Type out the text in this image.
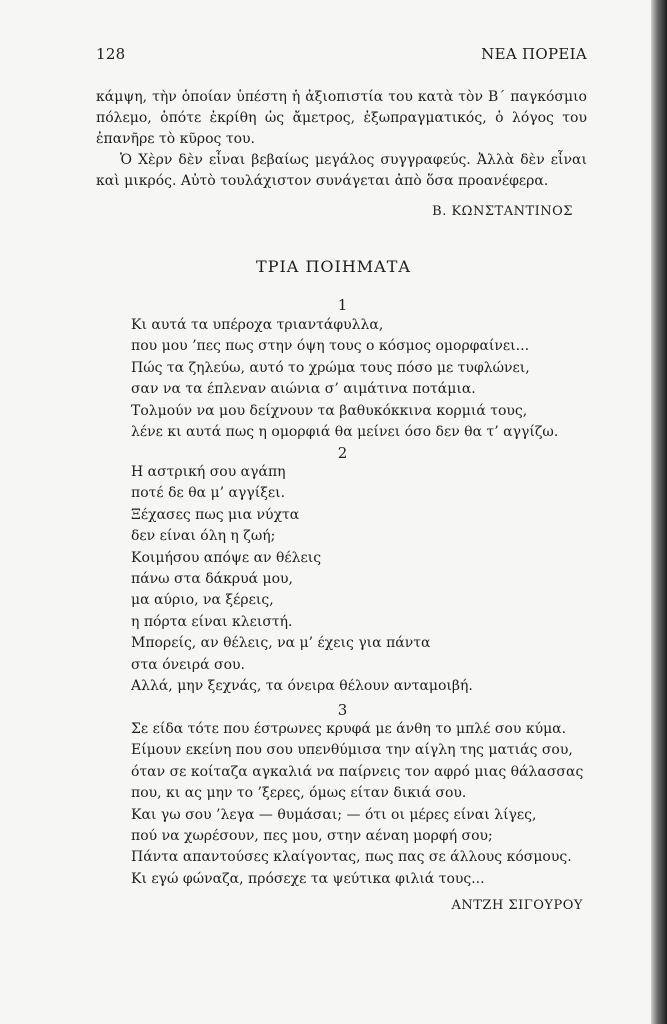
128	ΝΕΑ ΠΟΡΕΙΑ

κάμψη, τὴν ὁποίαν ὑπέστη ἡ ἀξιοπιστία του κατὰ τὸν Β΄ παγκόσμιο πόλεμο, ὁπότε ἐκρίθη ὡς ἄμετρος, ἐξωπραγματικός, ὁ λόγος του ἐπανῆρε τὸ κῦρος του.

Ὁ Χὲρν δὲν εἶναι βεβαίως μεγάλος συγγραφεύς. Ἀλλὰ δὲν εἶναι καὶ μικρός. Αὐτὸ τουλάχιστον συνάγεται ἀπὸ ὅσα προανέφερα.

Β. ΚΩΝΣΤΑΝΤΙΝΟΣ
ΤΡΙΑ ΠΟΙΗΜΑΤΑ
1
Κι αυτά τα υπέροχα τριαντάφυλλα,
που μου ’πες πως στην όψη τους ο κόσμος ομορφαίνει...
Πώς τα ζηλεύω, αυτό το χρώμα τους πόσο με τυφλώνει,
σαν να τα έπλεναν αιώνια σ’ αιμάτινα ποτάμια.
Τολμούν να μου δείχνουν τα βαθυκόκκινα κορμιά τους,
λένε κι αυτά πως η ομορφιά θα μείνει όσο δεν θα τ’ αγγίζω.
2
Η αστρική σου αγάπη
ποτέ δε θα μ’ αγγίξει.
Ξέχασες πως μια νύχτα
δεν είναι όλη η ζωή;
Κοιμήσου απόψε αν θέλεις
πάνω στα δάκρυά μου,
μα αύριο, να ξέρεις,
η πόρτα είναι κλειστή.
Μπορείς, αν θέλεις, να μ’ έχεις για πάντα
στα όνειρά σου.
Αλλά, μην ξεχνάς, τα όνειρα θέλουν ανταμοιβή.
3
Σε είδα τότε που έστρωνες κρυφά με άνθη το μπλέ σου κύμα.
Είμουν εκείνη που σου υπενθύμισα την αίγλη της ματιάς σου,
όταν σε κοίταζα αγκαλιά να παίρνεις τον αφρό μιας θάλασσας
που, κι ας μην το ’ξερες, όμως είταν δικιά σου.
Και γω σου ’λεγα — θυμάσαι; — ότι οι μέρες είναι λίγες,
πού να χωρέσουν, πες μου, στην αέναη μορφή σου;
Πάντα απαντούσες κλαίγοντας, πως πας σε άλλους κόσμους.
Κι εγώ φώναζα, πρόσεχε τα ψεύτικα φιλιά τους...
ΑΝΤΖΗ ΣΙΓΟΥΡΟΥ
